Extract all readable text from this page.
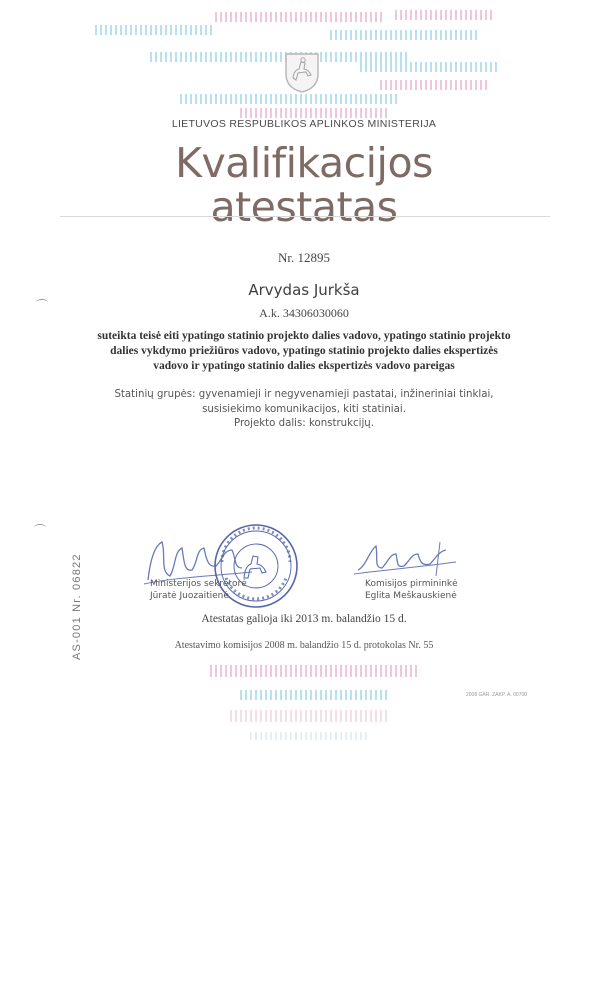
LIETUVOS RESPUBLIKOS APLINKOS MINISTERIJA
Kvalifikacijos
atestatas
Nr. 12895
Arvydas Jurkša
A.k. 34306030060
suteikta teisė eiti ypatingo statinio projekto dalies vadovo, ypatingo statinio projekto dalies vykdymo priežiūros vadovo, ypatingo statinio projekto dalies ekspertizės vadovo ir ypatingo statinio dalies ekspertizės vadovo pareigas
Statinių grupės: gyvenamieji ir negyvenamieji pastatai, inžineriniai tinklai, susisiekimo komunikacijos, kiti statiniai.
Projekto dalis: konstrukcijų.
Ministerijos sekretorė
Jūratė Juozaitienė
Komisijos pirmininkė
Eglita Meškauskienė
Atestatas galioja iki 2013 m. balandžio 15 d.
Atestavimo komisijos 2008 m. balandžio 15 d. protokolas Nr. 55
2008 GAR. ZAKP. A. 00700
AS-001 Nr. 06822
